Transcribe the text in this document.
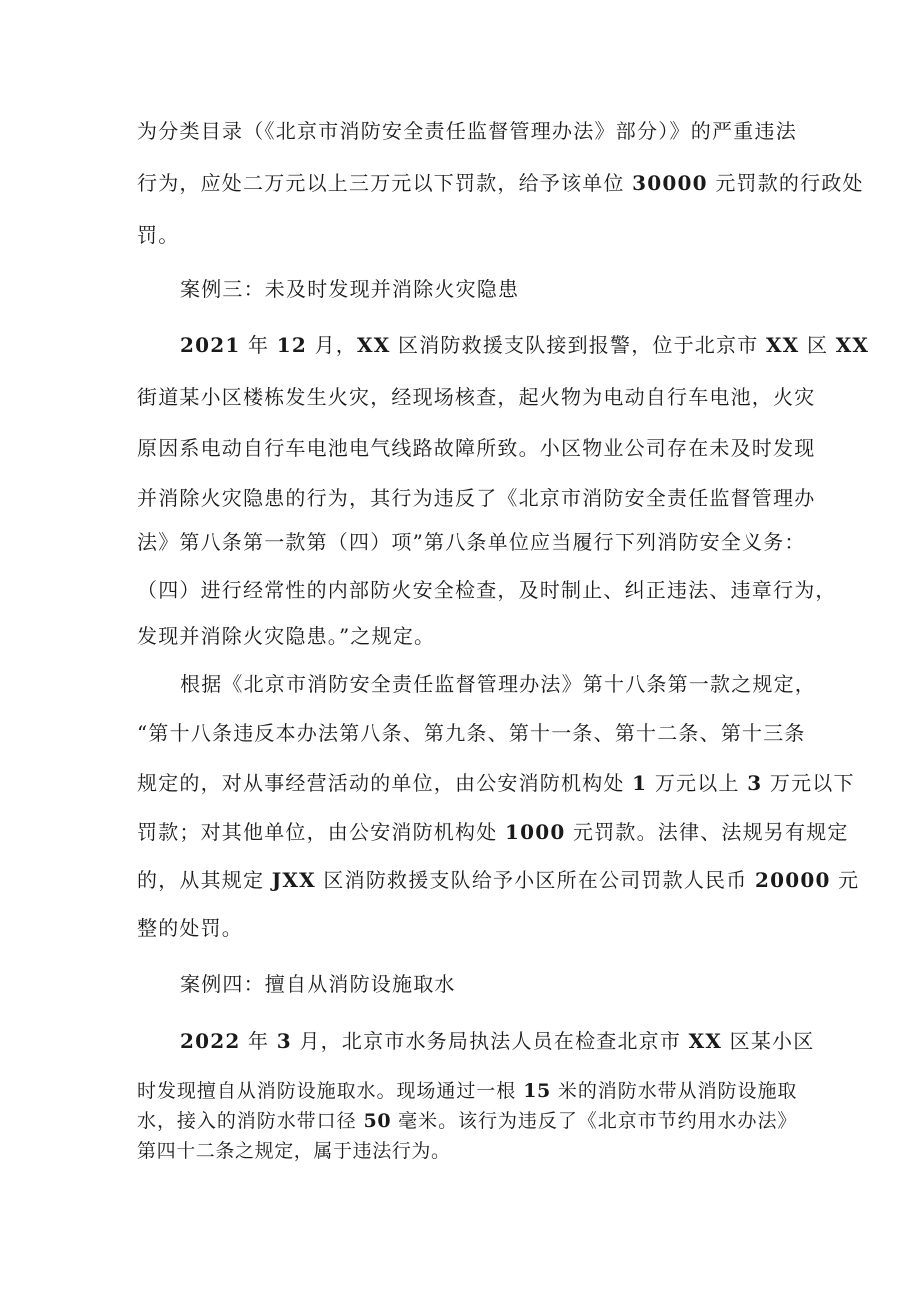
为分类目录（《北京市消防安全责任监督管理办法》部分）》的严重违法
行为，应处二万元以上三万元以下罚款，给予该单位 30000 元罚款的行政处
罚。
案例三：未及时发现并消除火灾隐患
2021 年 12 月，XX 区消防救援支队接到报警，位于北京市 XX 区 XX
街道某小区楼栋发生火灾，经现场核查，起火物为电动自行车电池，火灾
原因系电动自行车电池电气线路故障所致。小区物业公司存在未及时发现
并消除火灾隐患的行为，其行为违反了《北京市消防安全责任监督管理办
法》第八条第一款第（四）项”第八条单位应当履行下列消防安全义务：
（四）进行经常性的内部防火安全检查，及时制止、纠正违法、违章行为，
发现并消除火灾隐患。”之规定。
根据《北京市消防安全责任监督管理办法》第十八条第一款之规定，
“第十八条违反本办法第八条、第九条、第十一条、第十二条、第十三条
规定的，对从事经营活动的单位，由公安消防机构处 1 万元以上 3 万元以下
罚款；对其他单位，由公安消防机构处 1000 元罚款。法律、法规另有规定
的，从其规定 JXX 区消防救援支队给予小区所在公司罚款人民币 20000 元
整的处罚。
案例四：擅自从消防设施取水
2022 年 3 月，北京市水务局执法人员在检查北京市 XX 区某小区
时发现擅自从消防设施取水。现场通过一根 15 米的消防水带从消防设施取
水，接入的消防水带口径 50 毫米。该行为违反了《北京市节约用水办法》
第四十二条之规定，属于违法行为。
